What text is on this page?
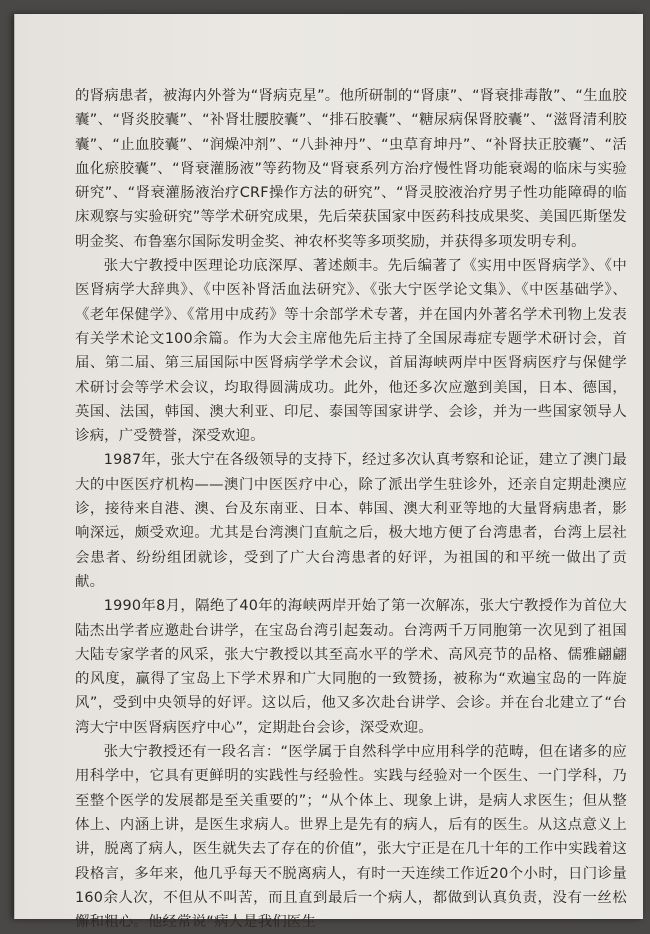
的肾病患者，被海内外誉为“肾病克星”。他所研制的“肾康”、“肾衰排毒散”、“生血胶囊”、“肾炎胶囊”、“补肾壮腰胶囊”、“排石胶囊”、“糖尿病保肾胶囊”、“滋肾清利胶囊”、“止血胶囊”、“润燥冲剂”、“八卦神丹”、“虫草育坤丹”、“补肾扶正胶囊”、“活血化瘀胶囊”、“肾衰灌肠液”等药物及“肾衰系列方治疗慢性肾功能衰竭的临床与实验研究”、“肾衰灌肠液治疗CRF操作方法的研究”、“肾灵胶液治疗男子性功能障碍的临床观察与实验研究”等学术研究成果，先后荣获国家中医药科技成果奖、美国匹斯堡发明金奖、布鲁塞尔国际发明金奖、神农杯奖等多项奖励，并获得多项发明专利。

张大宁教授中医理论功底深厚、著述颇丰。先后编著了《实用中医肾病学》、《中医肾病学大辞典》、《中医补肾活血法研究》、《张大宁医学论文集》、《中医基础学》、《老年保健学》、《常用中成药》等十余部学术专著，并在国内外著名学术刊物上发表有关学术论文100余篇。作为大会主席他先后主持了全国尿毒症专题学术研讨会，首届、第二届、第三届国际中医肾病学学术会议，首届海峡两岸中医肾病医疗与保健学术研讨会等学术会议，均取得圆满成功。此外，他还多次应邀到美国，日本、德国，英国、法国，韩国、澳大利亚、印尼、泰国等国家讲学、会诊，并为一些国家领导人诊病，广受赞誉，深受欢迎。

1987年，张大宁在各级领导的支持下，经过多次认真考察和论证，建立了澳门最大的中医医疗机构——澳门中医医疗中心，除了派出学生驻诊外，还亲自定期赴澳应诊，接待来自港、澳、台及东南亚、日本、韩国、澳大利亚等地的大量肾病患者，影响深远，颇受欢迎。尤其是台湾澳门直航之后，极大地方便了台湾患者，台湾上层社会患者、纷纷组团就诊，受到了广大台湾患者的好评，为祖国的和平统一做出了贡献。

1990年8月，隔绝了40年的海峡两岸开始了第一次解冻，张大宁教授作为首位大陆杰出学者应邀赴台讲学，在宝岛台湾引起轰动。台湾两千万同胞第一次见到了祖国大陆专家学者的风采，张大宁教授以其至高水平的学术、高风亮节的品格、儒雅翩翩的风度，赢得了宝岛上下学术界和广大同胞的一致赞扬，被称为“欢遍宝岛的一阵旋风”，受到中央领导的好评。这以后，他又多次赴台讲学、会诊。并在台北建立了“台湾大宁中医肾病医疗中心”，定期赴台会诊，深受欢迎。

张大宁教授还有一段名言：“医学属于自然科学中应用科学的范畴，但在诸多的应用科学中，它具有更鲜明的实践性与经验性。实践与经验对一个医生、一门学科，乃至整个医学的发展都是至关重要的”；“从个体上、现象上讲，是病人求医生；但从整体上、内涵上讲，是医生求病人。世界上是先有的病人，后有的医生。从这点意义上讲，脱离了病人，医生就失去了存在的价值”，张大宁正是在几十年的工作中实践着这段格言，多年来，他几乎每天不脱离病人，有时一天连续工作近20个小时，日门诊量160余人次，不但从不叫苦，而且直到最后一个病人，都做到认真负责，没有一丝松懈和粗心。他经常说“病人是我们医生
